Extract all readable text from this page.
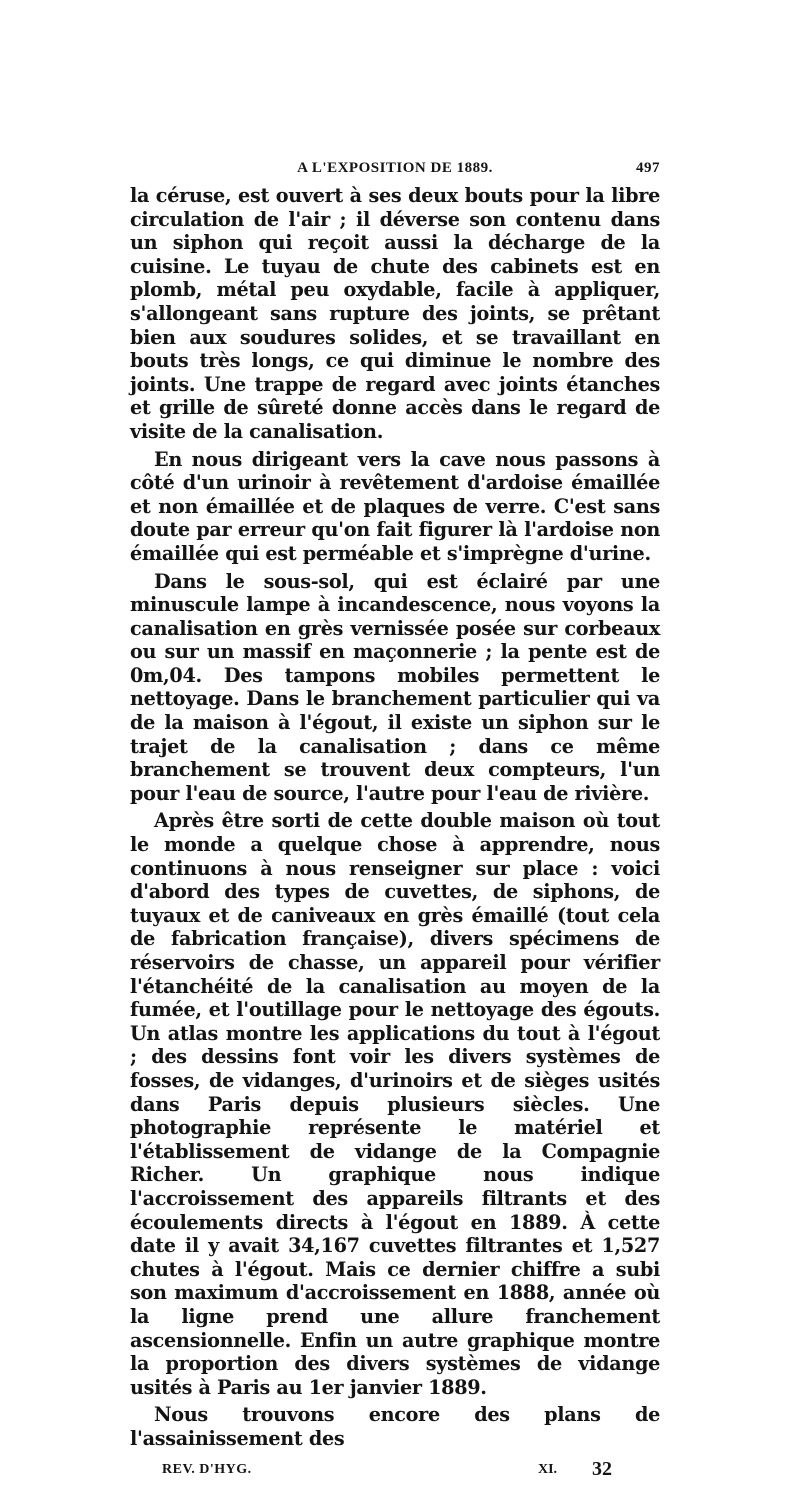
A L'EXPOSITION DE 1889.	497

la céruse, est ouvert à ses deux bouts pour la libre circulation de l'air ; il déverse son contenu dans un siphon qui reçoit aussi la décharge de la cuisine. Le tuyau de chute des cabinets est en plomb, métal peu oxydable, facile à appliquer, s'allongeant sans rupture des joints, se prêtant bien aux soudures solides, et se travaillant en bouts très longs, ce qui diminue le nombre des joints. Une trappe de regard avec joints étanches et grille de sûreté donne accès dans le regard de visite de la canalisation.

En nous dirigeant vers la cave nous passons à côté d'un urinoir à revêtement d'ardoise émaillée et non émaillée et de plaques de verre. C'est sans doute par erreur qu'on fait figurer là l'ardoise non émaillée qui est perméable et s'imprègne d'urine.

Dans le sous-sol, qui est éclairé par une minuscule lampe à incandescence, nous voyons la canalisation en grès vernissée posée sur corbeaux ou sur un massif en maçonnerie ; la pente est de 0m,04. Des tampons mobiles permettent le nettoyage. Dans le branchement particulier qui va de la maison à l'égout, il existe un siphon sur le trajet de la canalisation ; dans ce même branchement se trouvent deux compteurs, l'un pour l'eau de source, l'autre pour l'eau de rivière.

Après être sorti de cette double maison où tout le monde a quelque chose à apprendre, nous continuons à nous renseigner sur place : voici d'abord des types de cuvettes, de siphons, de tuyaux et de caniveaux en grès émaillé (tout cela de fabrication française), divers spécimens de réservoirs de chasse, un appareil pour vérifier l'étanchéité de la canalisation au moyen de la fumée, et l'outillage pour le nettoyage des égouts. Un atlas montre les applications du tout à l'égout ; des dessins font voir les divers systèmes de fosses, de vidanges, d'urinoirs et de sièges usités dans Paris depuis plusieurs siècles. Une photographie représente le matériel et l'établissement de vidange de la Compagnie Richer. Un graphique nous indique l'accroissement des appareils filtrants et des écoulements directs à l'égout en 1889. À cette date il y avait 34,167 cuvettes filtrantes et 1,527 chutes à l'égout. Mais ce dernier chiffre a subi son maximum d'accroissement en 1888, année où la ligne prend une allure franchement ascensionnelle. Enfin un autre graphique montre la proportion des divers systèmes de vidange usités à Paris au 1er janvier 1889.

Nous trouvons encore des plans de l'assainissement des

REV. D'HYG.	XI. 32
